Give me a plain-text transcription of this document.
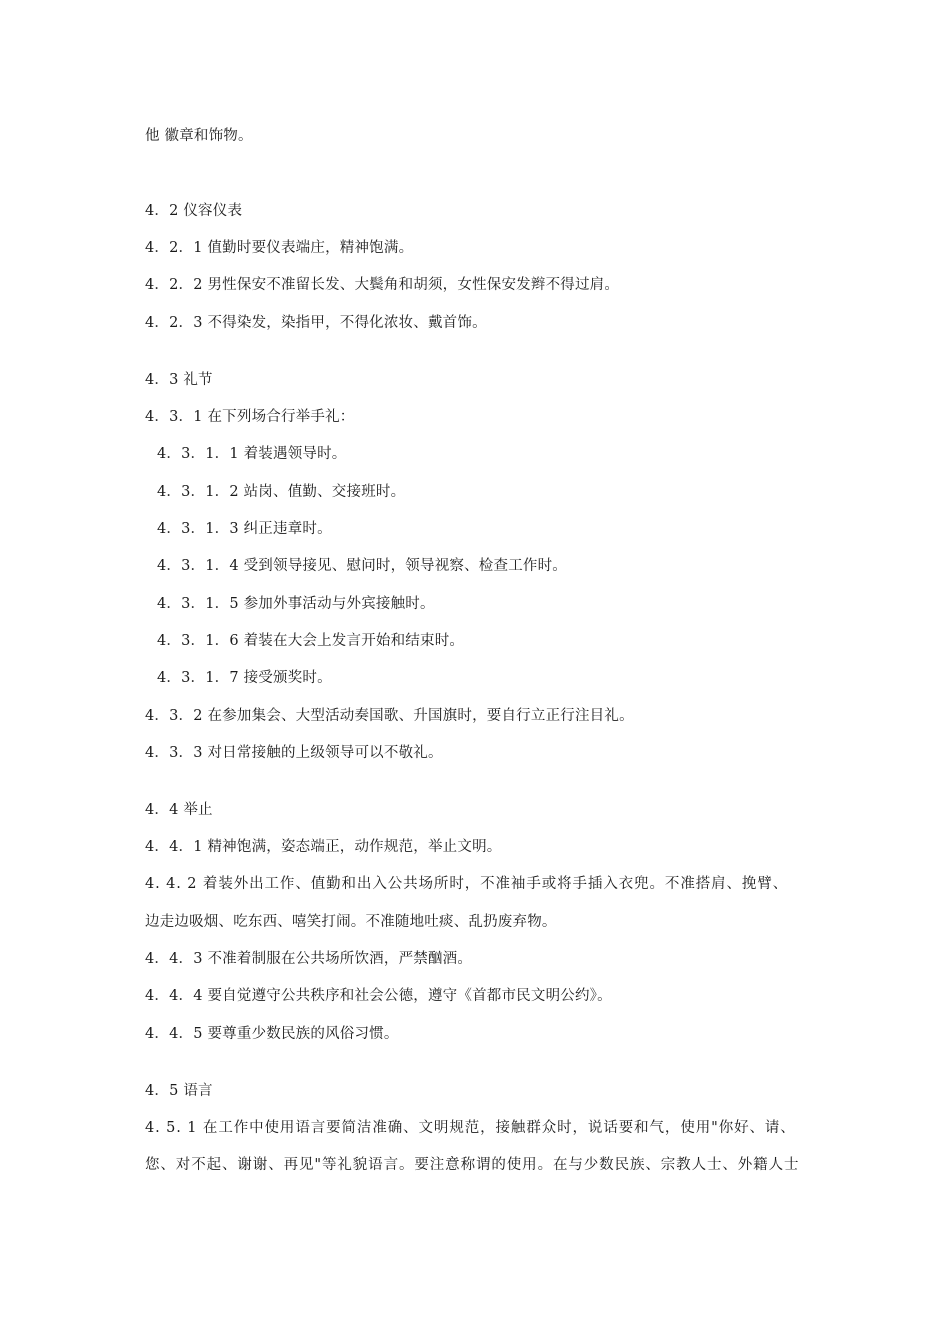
他 徽章和饰物。
4．2 仪容仪表
4．2．1 值勤时要仪表端庄，精神饱满。
4．2．2 男性保安不准留长发、大鬓角和胡须，女性保安发辫不得过肩。
4．2．3 不得染发，染指甲，不得化浓妆、戴首饰。
4．3 礼节
4．3．1 在下列场合行举手礼：
4．3．1．1 着装遇领导时。
4．3．1．2 站岗、值勤、交接班时。
4．3．1．3 纠正违章时。
4．3．1．4 受到领导接见、慰问时，领导视察、检查工作时。
4．3．1．5 参加外事活动与外宾接触时。
4．3．1．6 着装在大会上发言开始和结束时。
4．3．1．7 接受颁奖时。
4．3．2 在参加集会、大型活动奏国歌、升国旗时，要自行立正行注目礼。
4．3．3 对日常接触的上级领导可以不敬礼。
4．4 举止
4．4．1 精神饱满，姿态端正，动作规范，举止文明。
4. 4. 2 着装外出工作、值勤和出入公共场所时，不准袖手或将手插入衣兜。不准搭肩、挽臂、
边走边吸烟、吃东西、嘻笑打闹。不准随地吐痰、乱扔废弃物。
4．4．3 不准着制服在公共场所饮酒，严禁酗酒。
4．4．4 要自觉遵守公共秩序和社会公德，遵守《首都市民文明公约》。
4．4．5 要尊重少数民族的风俗习惯。
4．5 语言
4. 5. 1 在工作中使用语言要简洁准确、文明规范，接触群众时，说话要和气，使用"你好、请、
您、对不起、谢谢、再见"等礼貌语言。要注意称谓的使用。在与少数民族、宗教人士、外籍人士
